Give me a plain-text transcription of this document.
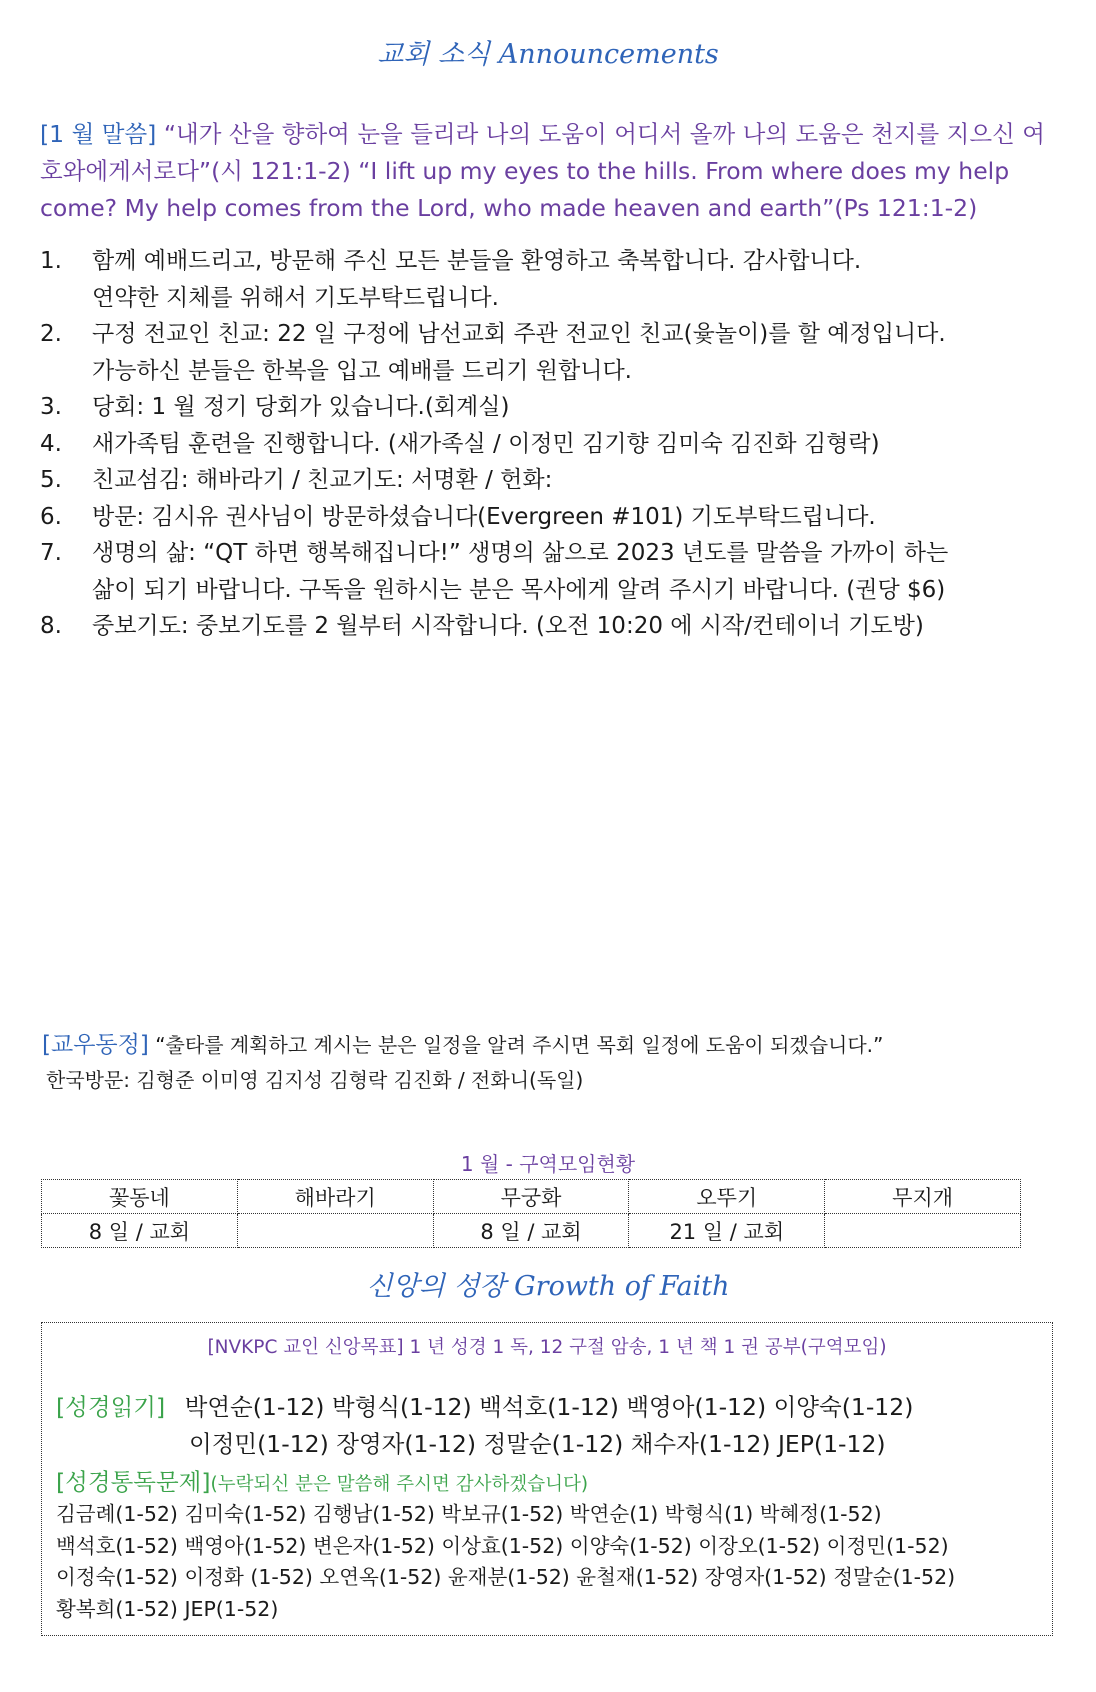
교회 소식 Announcements
[1 월 말씀] “내가 산을 향하여 눈을 들리라 나의 도움이 어디서 올까 나의 도움은 천지를 지으신 여호와에게서로다”(시 121:1-2) “I lift up my eyes to the hills. From where does my help come? My help comes from the Lord, who made heaven and earth”(Ps 121:1-2)
1. 함께 예배드리고, 방문해 주신 모든 분들을 환영하고 축복합니다. 감사합니다.
연약한 지체를 위해서 기도부탁드립니다.
2. 구정 전교인 친교: 22 일 구정에 남선교회 주관 전교인 친교(윷놀이)를 할 예정입니다.
가능하신 분들은 한복을 입고 예배를 드리기 원합니다.
3. 당회: 1 월 정기 당회가 있습니다.(회계실)
4. 새가족팀 훈련을 진행합니다. (새가족실 / 이정민 김기향 김미숙 김진화 김형락)
5. 친교섬김: 해바라기 / 친교기도: 서명환 / 헌화:
6. 방문: 김시유 권사님이 방문하셨습니다(Evergreen #101) 기도부탁드립니다.
7. 생명의 삶: “QT 하면 행복해집니다!” 생명의 삶으로 2023 년도를 말씀을 가까이 하는
삶이 되기 바랍니다. 구독을 원하시는 분은 목사에게 알려 주시기 바랍니다. (권당 $6)
8. 중보기도: 중보기도를 2 월부터 시작합니다. (오전 10:20 에 시작/컨테이너 기도방)
[교우동정] “출타를 계획하고 계시는 분은 일정을 알려 주시면 목회 일정에 도움이 되겠습니다.”
한국방문: 김형준 이미영 김지성 김형락 김진화 / 전화니(독일)
1 월 - 구역모임현황
꽃동네	해바라기	무궁화	오뚜기	무지개
8 일 / 교회		8 일 / 교회	21 일 / 교회	
신앙의 성장 Growth of Faith
[NVKPC 교인 신앙목표] 1 년 성경 1 독, 12 구절 암송, 1 년 책 1 권 공부(구역모임)
[성경읽기] 박연순(1-12) 박형식(1-12) 백석호(1-12) 백영아(1-12) 이양숙(1-12)
이정민(1-12) 장영자(1-12) 정말순(1-12) 채수자(1-12) JEP(1-12)
[성경통독문제](누락되신 분은 말씀해 주시면 감사하겠습니다)
김금례(1-52) 김미숙(1-52) 김행남(1-52) 박보규(1-52) 박연순(1) 박형식(1) 박혜정(1-52)
백석호(1-52) 백영아(1-52) 변은자(1-52) 이상효(1-52) 이양숙(1-52) 이장오(1-52) 이정민(1-52)
이정숙(1-52) 이정화 (1-52) 오연옥(1-52) 윤재분(1-52) 윤철재(1-52) 장영자(1-52) 정말순(1-52)
황복희(1-52) JEP(1-52)
